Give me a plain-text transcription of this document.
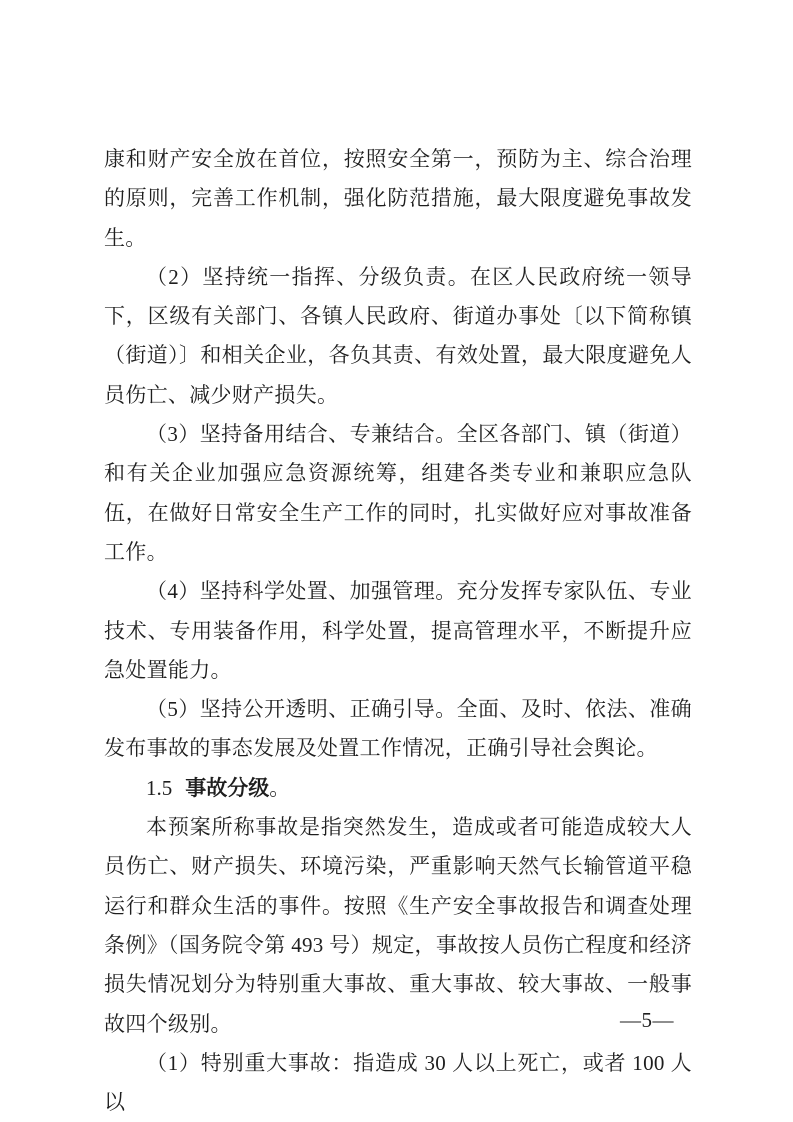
康和财产安全放在首位，按照安全第一，预防为主、综合治理的原则，完善工作机制，强化防范措施，最大限度避免事故发生。

（2）坚持统一指挥、分级负责。在区人民政府统一领导下，区级有关部门、各镇人民政府、街道办事处〔以下简称镇（街道）〕和相关企业，各负其责、有效处置，最大限度避免人员伤亡、减少财产损失。

（3）坚持备用结合、专兼结合。全区各部门、镇（街道）和有关企业加强应急资源统筹，组建各类专业和兼职应急队伍，在做好日常安全生产工作的同时，扎实做好应对事故准备工作。

（4）坚持科学处置、加强管理。充分发挥专家队伍、专业技术、专用装备作用，科学处置，提高管理水平，不断提升应急处置能力。

（5）坚持公开透明、正确引导。全面、及时、依法、准确发布事故的事态发展及处置工作情况，正确引导社会舆论。

1.5 事故分级。

本预案所称事故是指突然发生，造成或者可能造成较大人员伤亡、财产损失、环境污染，严重影响天然气长输管道平稳运行和群众生活的事件。按照《生产安全事故报告和调查处理条例》（国务院令第 493 号）规定，事故按人员伤亡程度和经济损失情况划分为特别重大事故、重大事故、较大事故、一般事故四个级别。

（1）特别重大事故：指造成 30 人以上死亡，或者 100 人以

—5—
